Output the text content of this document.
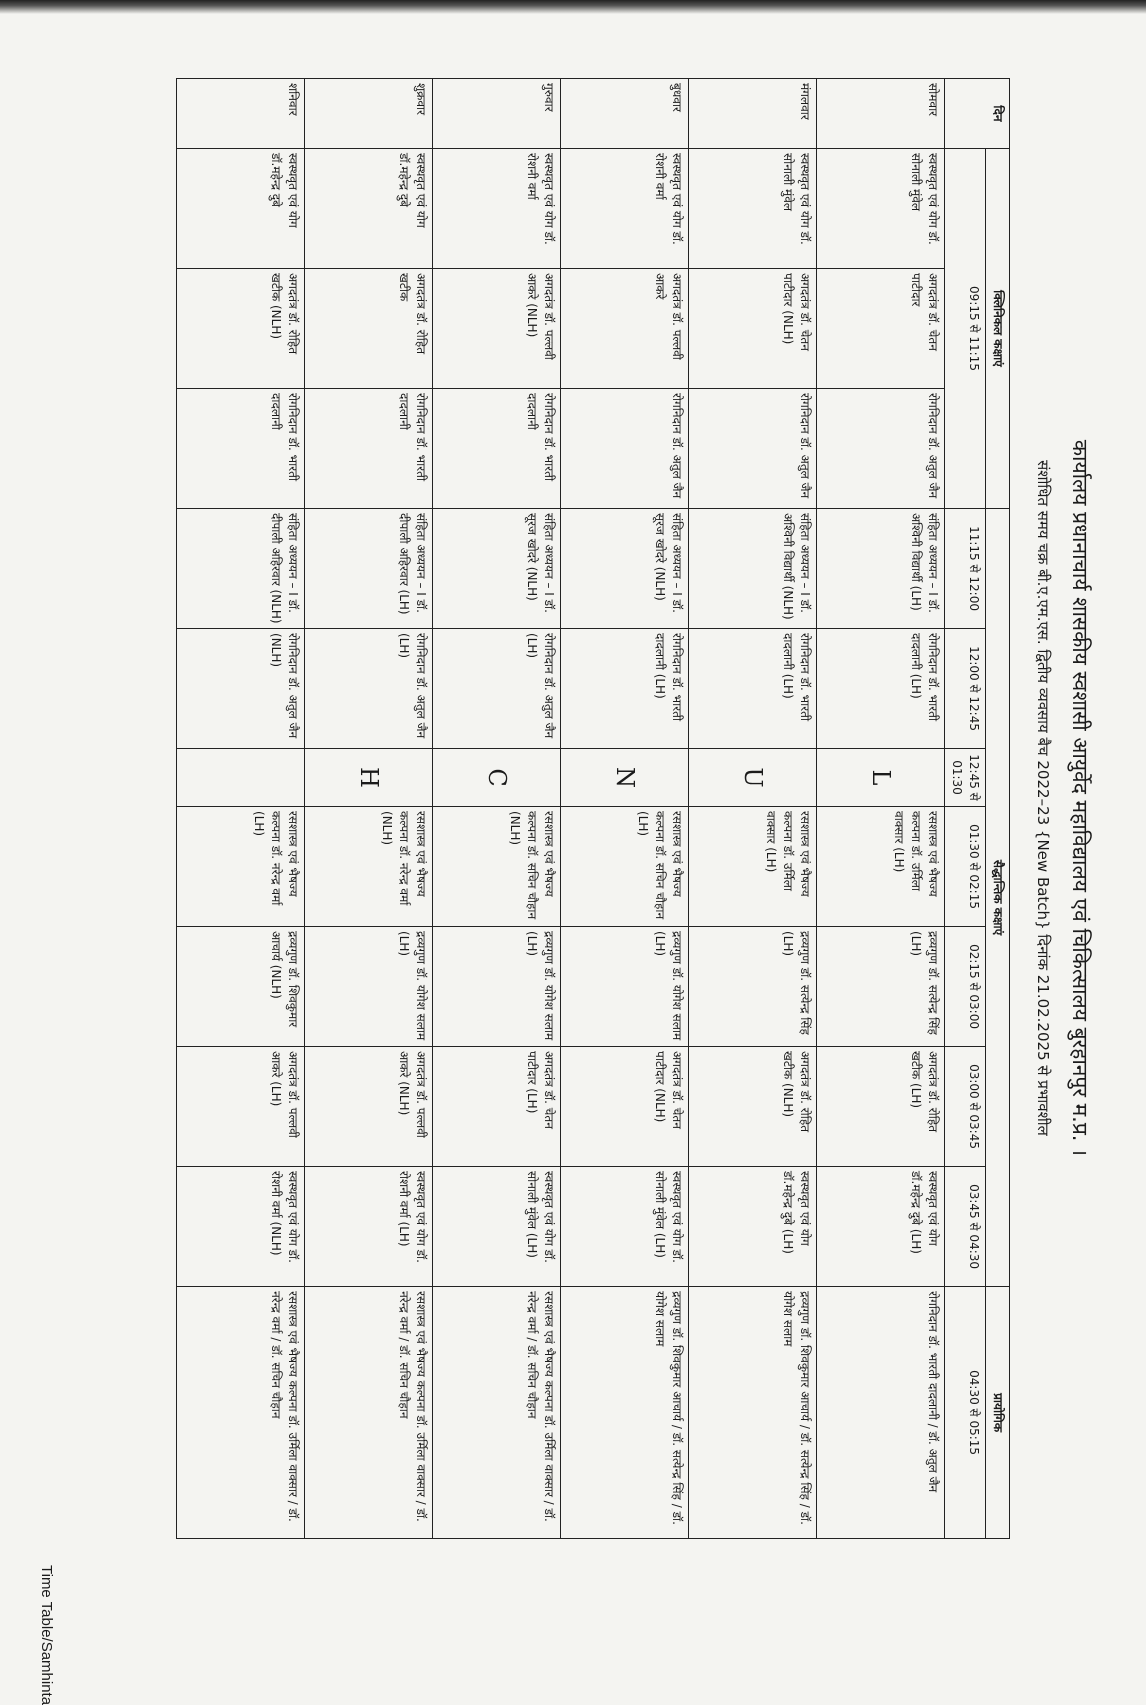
कार्यालय प्रधानाचार्य शासकीय स्वशासी आयुर्वेद महाविद्यालय एवं चिकित्सालय बुरहानपुर म.प्र. ।
संशोधित समय चक्र बी.ए.एम.एस. द्वितीय व्यवसाय बैच 2022–23 {New Batch} दिनांक 21.02.2025 से प्रभावशील
दिन	क्लिनिकल कक्षाएं			सैद्धान्तिक कक्षाएं							प्रायोगिक
	09:15 से 11:15			11:15 से 12:00	12:00 से 12:45	12:45 से 01:30	01:30 से 02:15	02:15 से 03:00	03:00 से 03:45	03:45 से 04:30	04:30 से 05:15
सोमवार	स्वस्थवृत एवं योग डॉ. सोनाली मुंवेल	अगदतंत्र डॉ. चेतन पाटीदार	रोगनिदान डॉ. अतुल जैन	संहिता अध्ययन – I डॉ. अश्विनी विद्यार्थी (LH)	रोगनिदान डॉ. भारती दादलानी (LH)	L	रसशास्त्र एवं भैषज्य कल्पना डॉ. उर्मिला वाक्सार (LH)	द्रव्यगुण डॉ. सत्येन्द्र सिंह (LH)	अगदतंत्र डॉ. रोहित खटीक (LH)	स्वस्थवृत एवं योग डॉ.महेन्द्र दुबे (LH)	रोगनिदान डॉ. भारती दादलानी / डॉ. अतुल जैन
मंगलवार	स्वस्थवृत एवं योग डॉ. सोनाली मुंवेल	अगदतंत्र डॉ. चेतन पाटीदार (NLH)	रोगनिदान डॉ. अतुल जैन	संहिता अध्ययन – I डॉ. अश्विनी विद्यार्थी (NLH)	रोगनिदान डॉ. भारती दादलानी (LH)	U	रसशास्त्र एवं भैषज्य कल्पना डॉ. उर्मिला वाक्सार (LH)	द्रव्यगुण डॉ. सत्येन्द्र सिंह (LH)	अगदतंत्र डॉ. रोहित खटीक (NLH)	स्वस्थवृत एवं योग डॉ.महेन्द्र दुबे (LH)	द्रव्यगुण डॉ. शिवकुमार आचार्य / डॉ. सत्येन्द्र सिंह / डॉ. योगेश सलाम
बुधवार	स्वस्थवृत एवं योग डॉ. रोशनी वर्मा	अगदतंत्र डॉ. पल्लवी आकरे	रोगनिदान डॉ. अतुल जैन	संहिता अध्ययन – I डॉ. सूरज खोदरे (NLH)	रोगनिदान डॉ. भारती दादलानी (LH)	N	रसशास्त्र एवं भैषज्य कल्पना डॉ. सचिन चौहान (LH)	द्रव्यगुण डॉ. योगेश सलाम (LH)	अगदतंत्र डॉ. चेतन पाटीदार (NLH)	स्वस्थवृत एवं योग डॉ. सोनाली मुंवेल (LH)	द्रव्यगुण डॉ. शिवकुमार आचार्य / डॉ. सत्येन्द्र सिंह / डॉ. योगेश सलाम
गुरुवार	स्वस्थवृत एवं योग डॉ. रोशनी वर्मा	अगदतंत्र डॉ. पल्लवी आकरे (NLH)	रोगनिदान डॉ. भारती दादलानी	संहिता अध्ययन – I डॉ. सूरज खोदरे (NLH)	रोगनिदान डॉ. अतुल जैन (LH)	C	रसशास्त्र एवं भैषज्य कल्पना डॉ. सचिन चौहान (NLH)	द्रव्यगुण डॉ. योगेश सलाम (LH)	अगदतंत्र डॉ. चेतन पाटीदार (LH)	स्वस्थवृत एवं योग डॉ. सोनाली मुंवेल (LH)	रसशास्त्र एवं भैषज्य कल्पना डॉ. उर्मिला वाक्सार / डॉ. नरेन्द्र वर्मा / डॉ. सचिन चौहान
शुक्रवार	स्वस्थवृत एवं योग डॉ.महेन्द्र दुबे	अगदतंत्र डॉ. रोहित खटीक	रोगनिदान डॉ. भारती दादलानी	संहिता अध्ययन – I डॉ. दीपाली अहिरवार (LH)	रोगनिदान डॉ. अतुल जैन (LH)	H	रसशास्त्र एवं भैषज्य कल्पना डॉ. नरेन्द्र वर्मा (NLH)	द्रव्यगुण डॉ. योगेश सलाम (LH)	अगदतंत्र डॉ. पल्लवी आकरे (NLH)	स्वस्थवृत एवं योग डॉ. रोशनी वर्मा (LH)	रसशास्त्र एवं भैषज्य कल्पना डॉ. उर्मिला वाक्सार / डॉ. नरेन्द्र वर्मा / डॉ. सचिन चौहान
शनिवार	स्वस्थवृत एवं योग डॉ.महेन्द्र दुबे	अगदतंत्र डॉ. रोहित खटीक (NLH)	रोगनिदान डॉ. भारती दादलानी	संहिता अध्ययन – I डॉ. दीपाली अहिरवार (NLH)	रोगनिदान डॉ. अतुल जैन (NLH)		रसशास्त्र एवं भैषज्य कल्पना डॉ. नरेन्द्र वर्मा (LH)	द्रव्यगुण डॉ. शिवकुमार आचार्य (NLH)	अगदतंत्र डॉ. पल्लवी आकरे (LH)	स्वस्थवृत एवं योग डॉ. रोशनी वर्मा (NLH)	रसशास्त्र एवं भैषज्य कल्पना डॉ. उर्मिला वाक्सार / डॉ. नरेन्द्र वर्मा / डॉ. सचिन चौहान
Time Table/Samhinta
